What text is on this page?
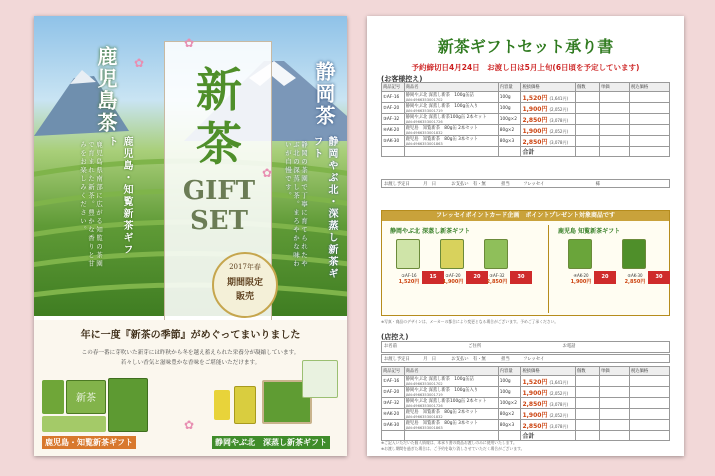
鹿児島茶	静岡茶
鹿児島・知覧新茶ギフト
鹿児島県南部に広がる知覧の茶園で育まれた新茶。豊かな香りと甘みをお楽しみください。	静岡やぶ北・深蒸し新茶ギフト
静岡の茶園で丁寧に育てられたやぶ北の深蒸し茶。まろやかな味わいが自慢です。
新
茶
GIFT
SET
✿
✿
✿
2017年春
期間限定
販売
年に一度『新茶の季節』がめぐってまいりました
この春一番に芽吹いた新芽には昨秋から冬を越え蓄えられた栄養分が凝縮しています。
若々しい香気と滋味豊かな香味をご堪能いただけます。
新茶
鹿児島・知覧新茶ギフト	静岡やぶ北　深蒸し新茶ギフト
✿
新茶ギフトセット承り書
予約締切日4月24日　お渡し日は5月上旬(6日頃を予定しています)
(お客様控え)
商品記号	商品名	内容量	税抜価格	個数	単価	税込価格
①AF-16	静岡やぶ北 深蒸し新茶　100g缶詰
JAN:4966353001702	100g	1,520円 (1,641円)			
②AF-20	静岡やぶ北 深蒸し新茶　100g缶入り
JAN:4966353001719	100g	1,900円 (2,052円)			
③AF-32	静岡やぶ北 深蒸し新茶100g缶 2本セット
JAN:4966353001726	100g×2	2,850円 (3,078円)			
④AK-20	鹿児島　知覧新茶　80g缶 2本セット
JAN:4966353001832	80g×2	1,900円 (2,052円)			
⑤AK-30	鹿児島　知覧新茶　80g缶 3本セット
JAN:4966353001863	80g×3	2,850円 (3,078円)			
			合計			
お渡し予定日	月　日	お支払い　有・無	担当	フレッセイ	様
フレッセイポイントカード企画　ポイントプレゼント対象商品です
静岡やぶ北 深蒸し新茶ギフト	鹿児島 知覧新茶ギフト
15
①AF-16
1,520円
20
②AF-20
1,900円
30
③AF-32
2,850円
20
④AK-20
1,900円
30
⑤AK-30
2,850円
※写真・商品のデザインは、メーカーの都合により変更となる場合がございます。予めご了承ください。
(店控え)
お名前	ご住所	お電話
お渡し予定日	月　日	お支払い　有・無	担当	フレッセイ
商品記号	商品名	内容量	税抜価格	個数	単価	税込価格
①AF-16	静岡やぶ北 深蒸し新茶　100g缶詰
JAN:4966353001702	100g	1,520円 (1,641円)			
②AF-20	静岡やぶ北 深蒸し新茶　100g缶入り
JAN:4966353001719	100g	1,900円 (2,052円)			
③AF-32	静岡やぶ北 深蒸し新茶100g缶 2本セット
JAN:4966353001726	100g×2	2,850円 (3,078円)			
④AK-20	鹿児島　知覧新茶　80g缶 2本セット
JAN:4966353001832	80g×2	1,900円 (2,052円)			
⑤AK-30	鹿児島　知覧新茶　80g缶 3本セット
JAN:4966353001863	80g×3	2,850円 (3,078円)			
			合計			
※ご記入いただいた個人情報は、本承り書の商品お渡しのみに使用いたします。
※お渡し期間を過ぎた場合は、ご予約を取り消しさせていただく場合がございます。
